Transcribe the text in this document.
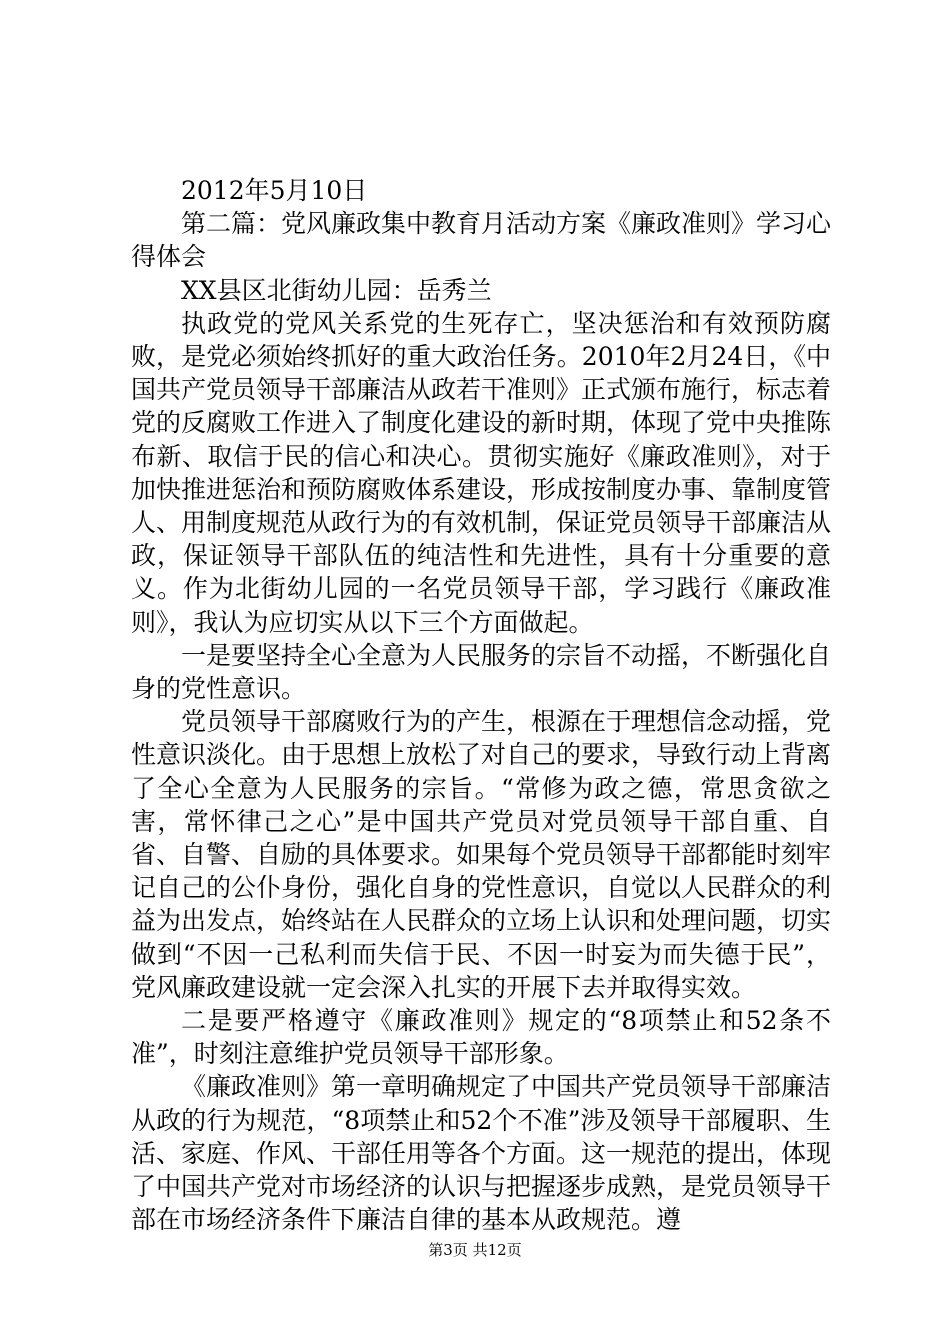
2012年5月10日

第二篇：党风廉政集中教育月活动方案《廉政准则》学习心得体会

XX县区北街幼儿园：岳秀兰

执政党的党风关系党的生死存亡，坚决惩治和有效预防腐败，是党必须始终抓好的重大政治任务。2010年2月24日，《中国共产党员领导干部廉洁从政若干准则》正式颁布施行，标志着党的反腐败工作进入了制度化建设的新时期，体现了党中央推陈布新、取信于民的信心和决心。贯彻实施好《廉政准则》，对于加快推进惩治和预防腐败体系建设，形成按制度办事、靠制度管人、用制度规范从政行为的有效机制，保证党员领导干部廉洁从政，保证领导干部队伍的纯洁性和先进性，具有十分重要的意义。作为北街幼儿园的一名党员领导干部，学习践行《廉政准则》，我认为应切实从以下三个方面做起。

一是要坚持全心全意为人民服务的宗旨不动摇，不断强化自身的党性意识。

党员领导干部腐败行为的产生，根源在于理想信念动摇，党性意识淡化。由于思想上放松了对自己的要求，导致行动上背离了全心全意为人民服务的宗旨。“常修为政之德，常思贪欲之害，常怀律己之心”是中国共产党员对党员领导干部自重、自省、自警、自励的具体要求。如果每个党员领导干部都能时刻牢记自己的公仆身份，强化自身的党性意识，自觉以人民群众的利益为出发点，始终站在人民群众的立场上认识和处理问题，切实做到“不因一己私利而失信于民、不因一时妄为而失德于民”，党风廉政建设就一定会深入扎实的开展下去并取得实效。

二是要严格遵守《廉政准则》规定的“8项禁止和52条不准”，时刻注意维护党员领导干部形象。

《廉政准则》第一章明确规定了中国共产党员领导干部廉洁从政的行为规范，“8项禁止和52个不准”涉及领导干部履职、生活、家庭、作风、干部任用等各个方面。这一规范的提出，体现了中国共产党对市场经济的认识与把握逐步成熟，是党员领导干部在市场经济条件下廉洁自律的基本从政规范。遵

第3页 共12页
